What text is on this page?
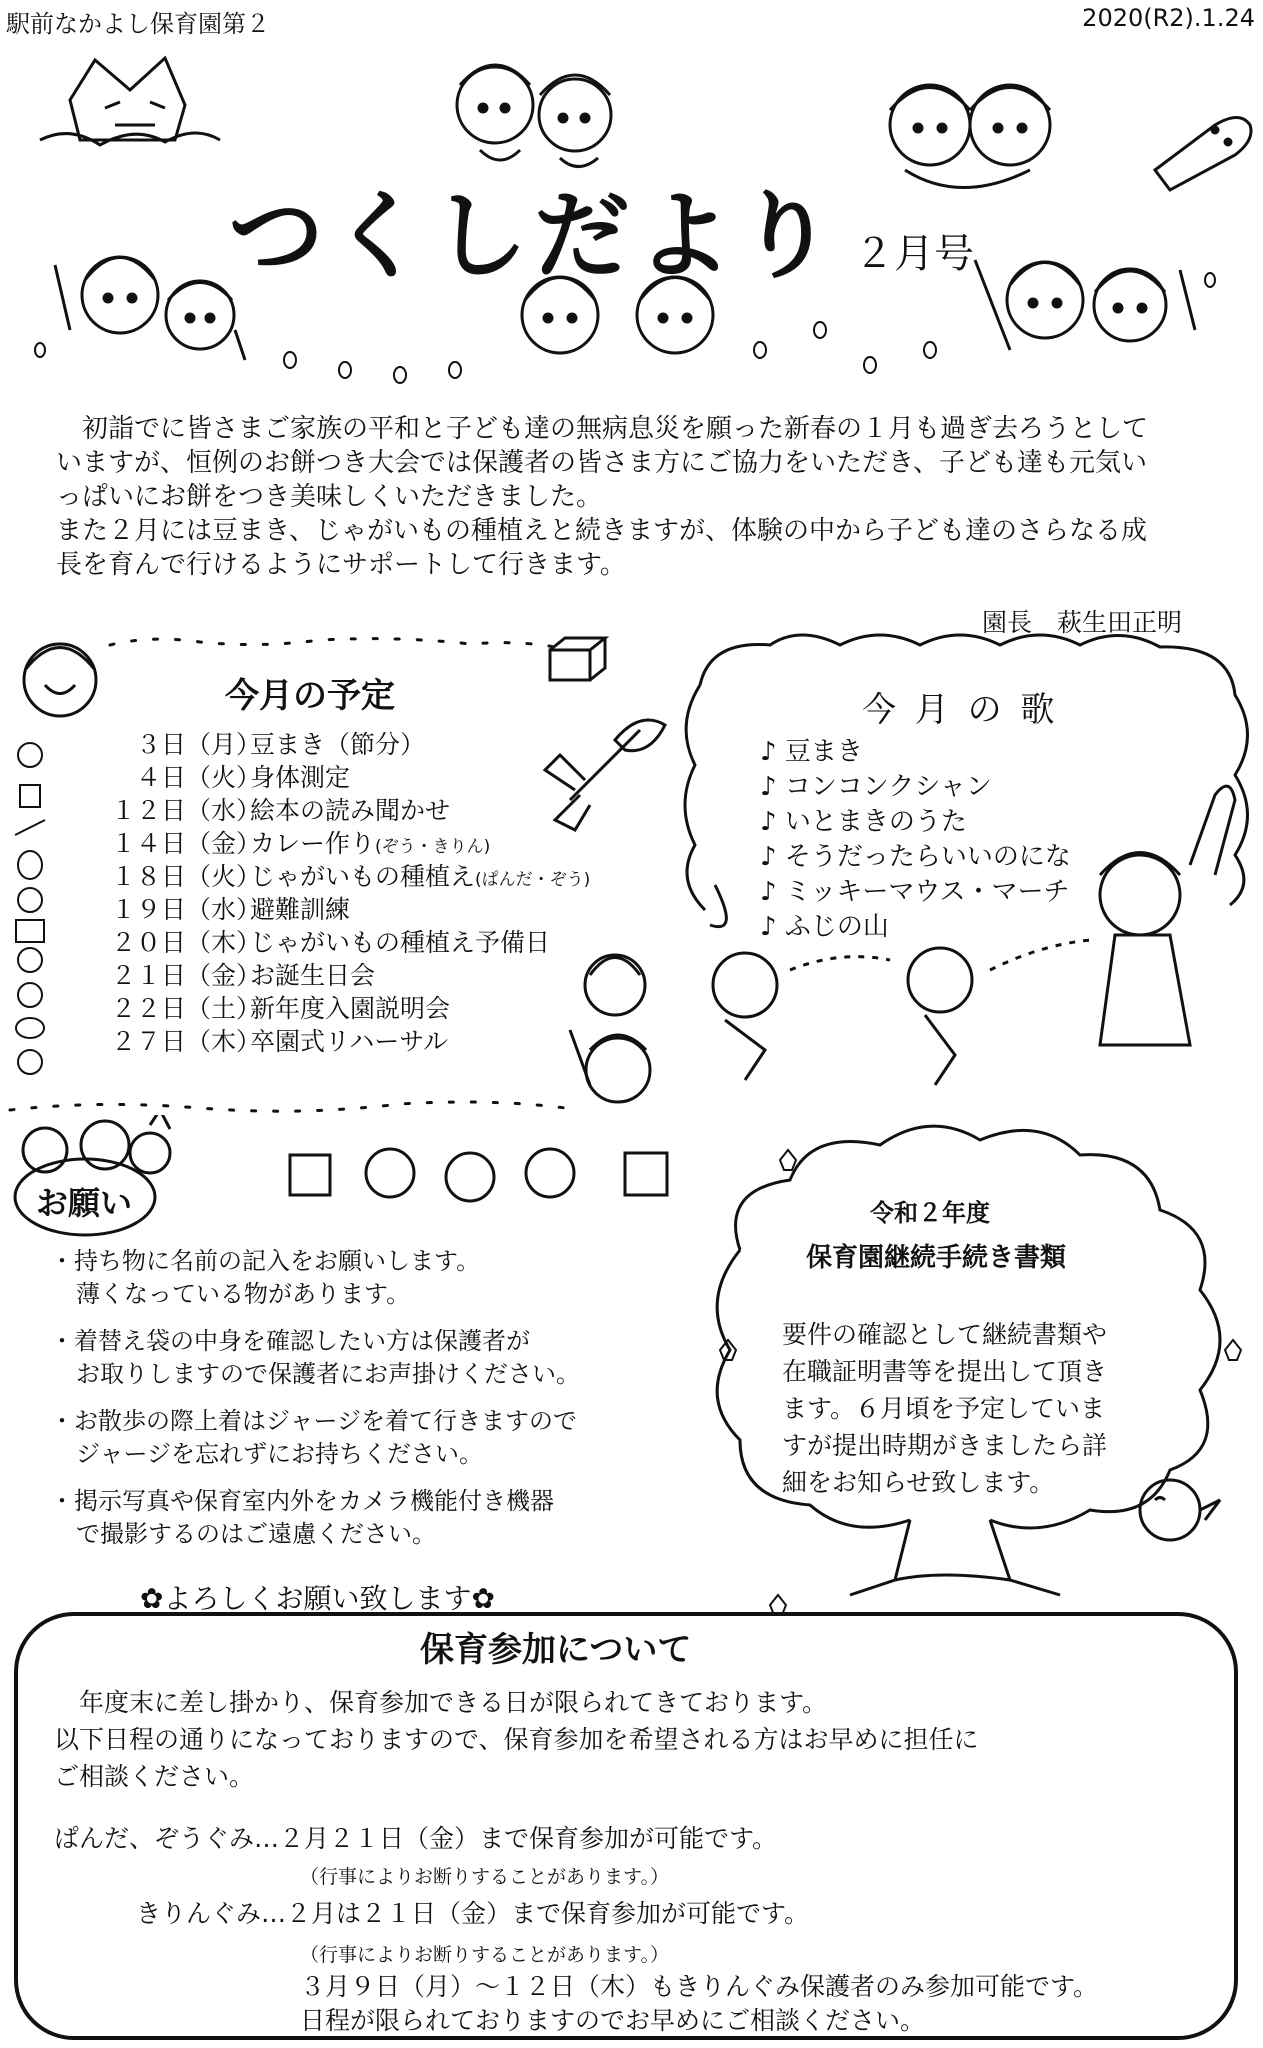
駅前なかよし保育園第２	2020(R2).1.24
つくしだより ２月号

　初詣でに皆さまご家族の平和と子ども達の無病息災を願った新春の１月も過ぎ去ろうとして

いますが、恒例のお餅つき大会では保護者の皆さま方にご協力をいただき、子ども達も元気い

っぱいにお餅をつき美味しくいただきました。

また２月には豆まき、じゃがいもの種植えと続きますが、体験の中から子ども達のさらなる成

長を育んで行けるようにサポートして行きます。

園長　萩生田正明
今月の予定
３日（月）豆まき（節分）
４日（火）身体測定
１２日（水）絵本の読み聞かせ
１４日（金）カレー作り(ぞう・きりん)
１８日（火）じゃがいもの種植え(ぱんだ・ぞう)
１９日（水）避難訓練
２０日（木）じゃがいもの種植え予備日
２１日（金）お誕生日会
２２日（土）新年度入園説明会
２７日（木）卒園式リハーサル
今 月 の 歌
♪ 豆まき
♪ コンコンクシャン
♪ いとまきのうた
♪ そうだったらいいのにな
♪ ミッキーマウス・マーチ
♪ ふじの山
お願い
・持ち物に名前の記入をお願いします。
薄くなっている物があります。
・着替え袋の中身を確認したい方は保護者が
お取りしますので保護者にお声掛けください。
・お散歩の際上着はジャージを着て行きますので
ジャージを忘れずにお持ちください。
・掲示写真や保育室内外をカメラ機能付き機器
で撮影するのはご遠慮ください。
✿よろしくお願い致します✿
令和２年度
保育園継続手続き書類
要件の確認として継続書類や
在職証明書等を提出して頂き
ます。６月頃を予定していま
すが提出時期がきましたら詳
細をお知らせ致します。
保育参加について
　年度末に差し掛かり、保育参加できる日が限られてきております。
以下日程の通りになっておりますので、保育参加を希望される方はお早めに担任に
ご相談ください。
ぱんだ、ぞうぐみ…２月２１日（金）まで保育参加が可能です。
（行事によりお断りすることがあります。）
きりんぐみ…２月は２１日（金）まで保育参加が可能です。
（行事によりお断りすることがあります。）
３月９日（月）～１２日（木）もきりんぐみ保護者のみ参加可能です。
日程が限られておりますのでお早めにご相談ください。
